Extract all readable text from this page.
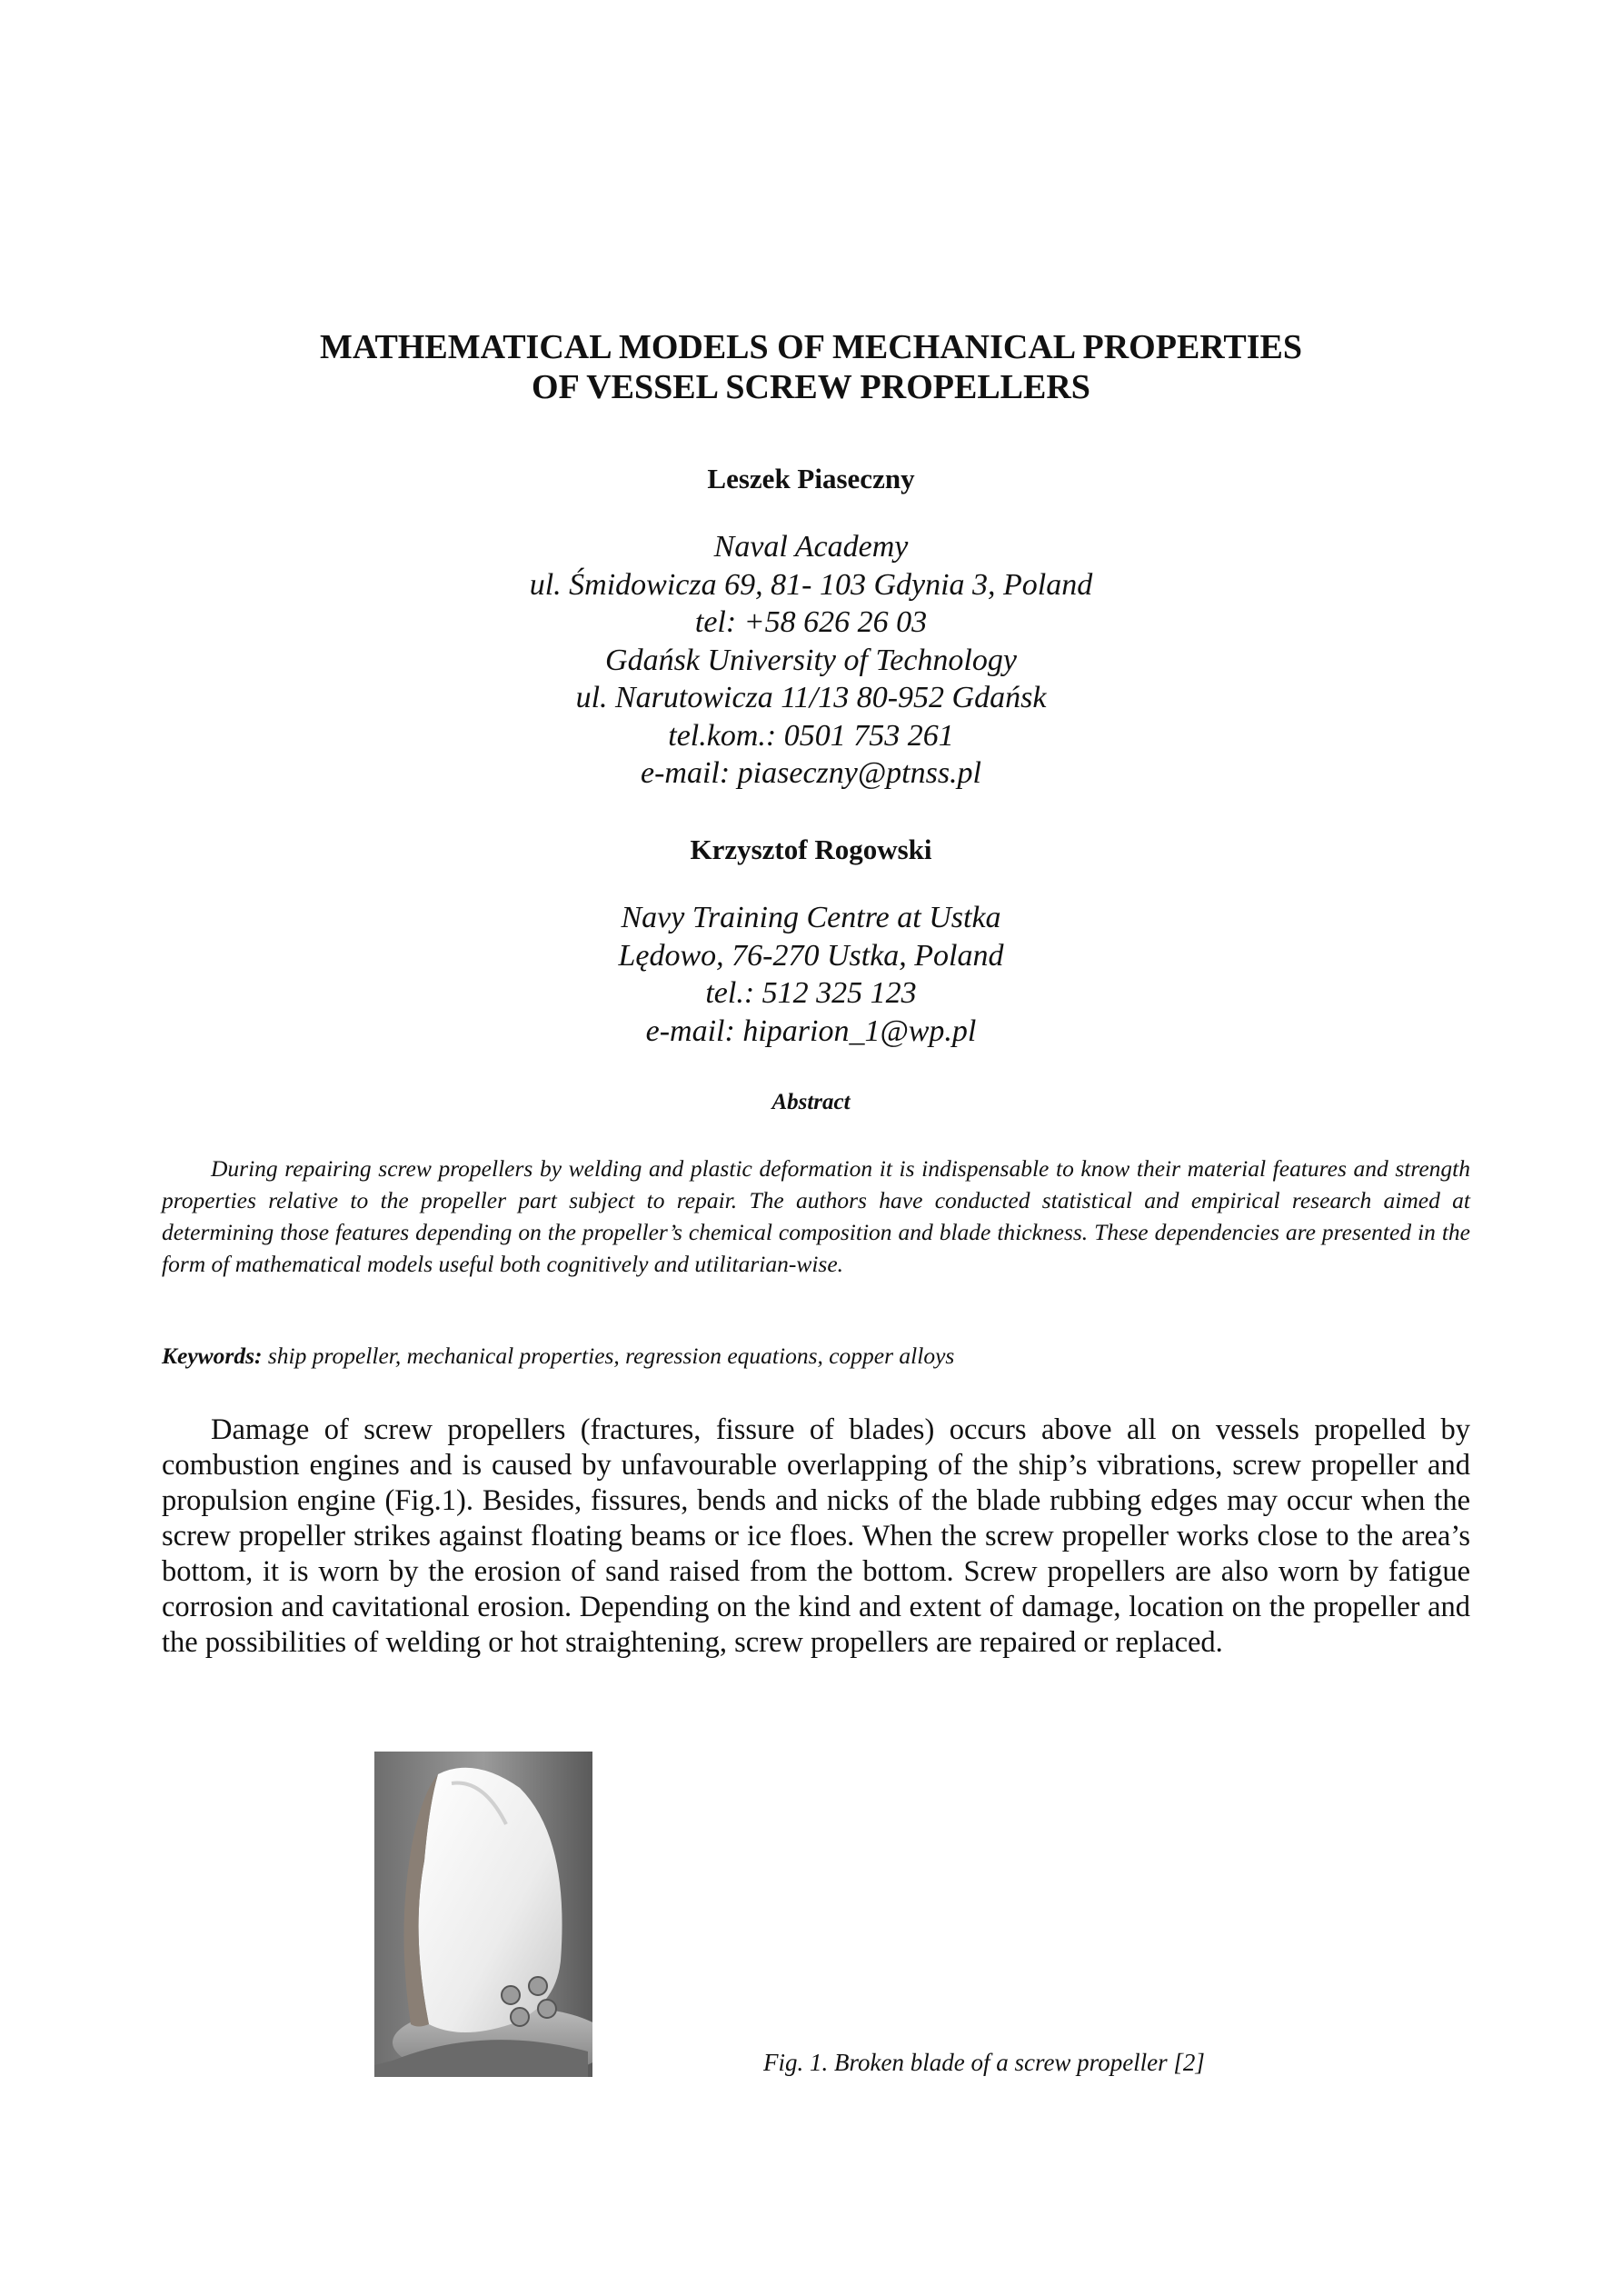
MATHEMATICAL MODELS OF MECHANICAL PROPERTIES
OF VESSEL SCREW PROPELLERS
Leszek Piaseczny
Naval Academy
ul. Śmidowicza 69, 81- 103 Gdynia 3, Poland
tel: +58 626 26 03
Gdańsk University of Technology
ul. Narutowicza 11/13 80-952 Gdańsk
tel.kom.: 0501 753 261
e-mail: piaseczny@ptnss.pl
Krzysztof Rogowski
Navy Training Centre at Ustka
Lędowo, 76-270 Ustka, Poland
tel.: 512 325 123
e-mail: hiparion_1@wp.pl
Abstract

During repairing screw propellers by welding and plastic deformation it is indispensable to know their material features and strength properties relative to the propeller part subject to repair. The authors have conducted statistical and empirical research aimed at determining those features depending on the propeller’s chemical composition and blade thickness. These dependencies are presented in the form of mathematical models useful both cognitively and utilitarian-wise.

Keywords: ship propeller, mechanical properties, regression equations, copper alloys

Damage of screw propellers (fractures, fissure of blades) occurs above all on vessels propelled by combustion engines and is caused by unfavourable overlapping of the ship’s vibrations, screw propeller and propulsion engine (Fig.1). Besides, fissures, bends and nicks of the blade rubbing edges may occur when the screw propeller strikes against floating beams or ice floes. When the screw propeller works close to the area’s bottom, it is worn by the erosion of sand raised from the bottom. Screw propellers are also worn by fatigue corrosion and cavitational erosion. Depending on the kind and extent of damage, location on the propeller and the possibilities of welding or hot straightening, screw propellers are repaired or replaced.

Fig. 1. Broken blade of a screw propeller [2]
